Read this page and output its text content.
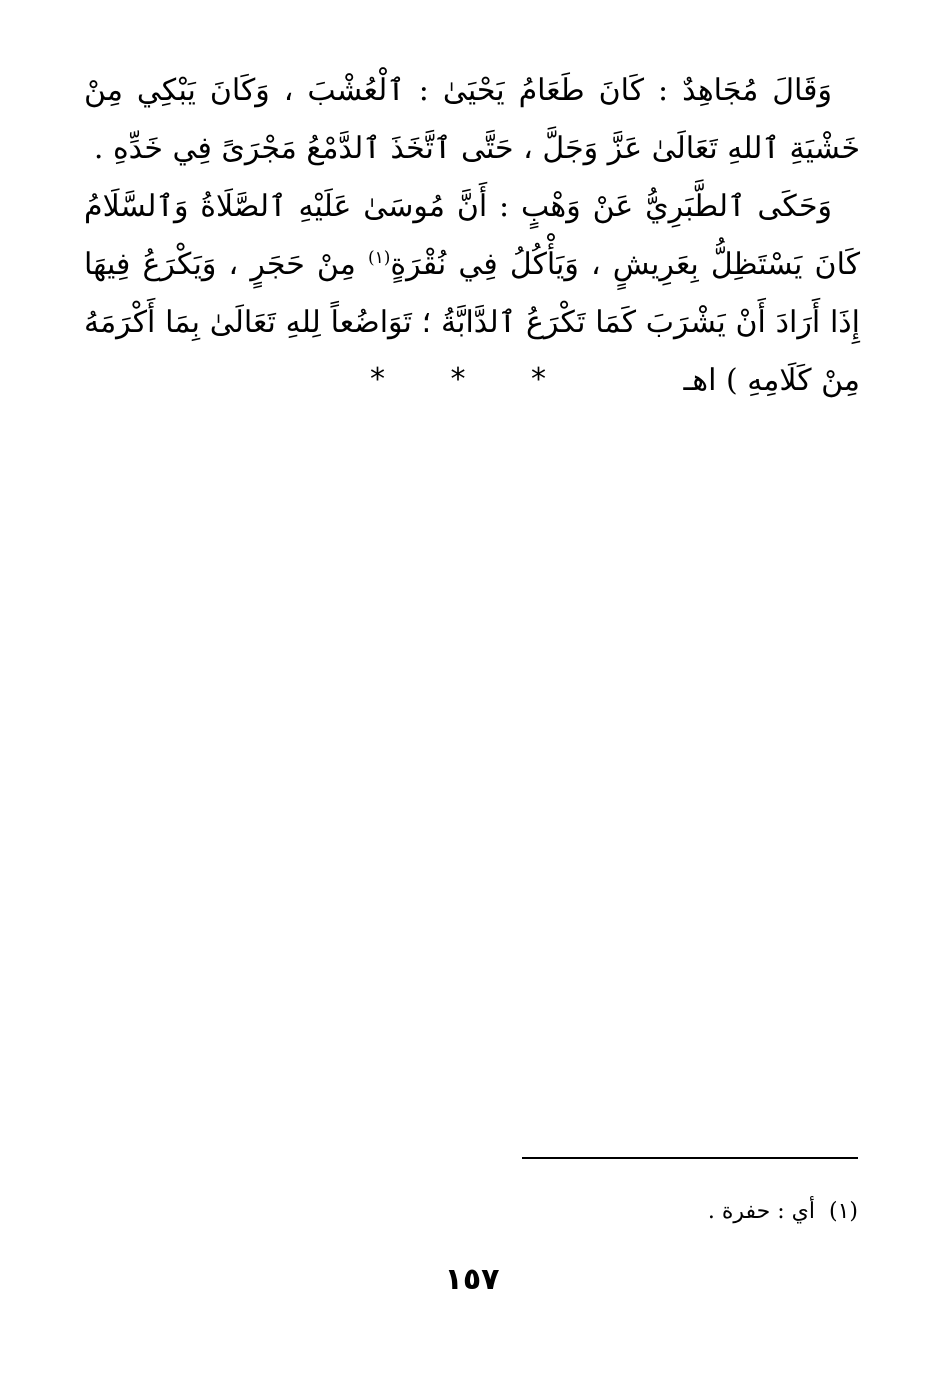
وَقَالَ مُجَاهِدٌ : كَانَ طَعَامُ يَحْيَىٰ : ٱلْعُشْبَ ، وَكَانَ يَبْكِي مِنْ خَشْيَةِ ٱللهِ تَعَالَىٰ عَزَّ وَجَلَّ ، حَتَّى ٱتَّخَذَ ٱلدَّمْعُ مَجْرَىً فِي خَدِّهِ .

وَحَكَى ٱلطَّبَرِيُّ عَنْ وَهْبٍ : أَنَّ مُوسَىٰ عَلَيْهِ ٱلصَّلَاةُ وَٱلسَّلَامُ كَانَ يَسْتَظِلُّ بِعَرِيشٍ ، وَيَأْكُلُ فِي نُقْرَةٍ$^{(١)}$ مِنْ حَجَرٍ ، وَيَكْرَعُ فِيهَا إِذَا أَرَادَ أَنْ يَشْرَبَ كَمَا تَكْرَعُ ٱلدَّابَّةُ ؛ تَوَاضُعاً لِلهِ تَعَالَىٰ بِمَا أَكْرَمَهُ مِنْ كَلَامِهِ ) اهـ

* * *
(١)أي : حفرة .
١٥٧
